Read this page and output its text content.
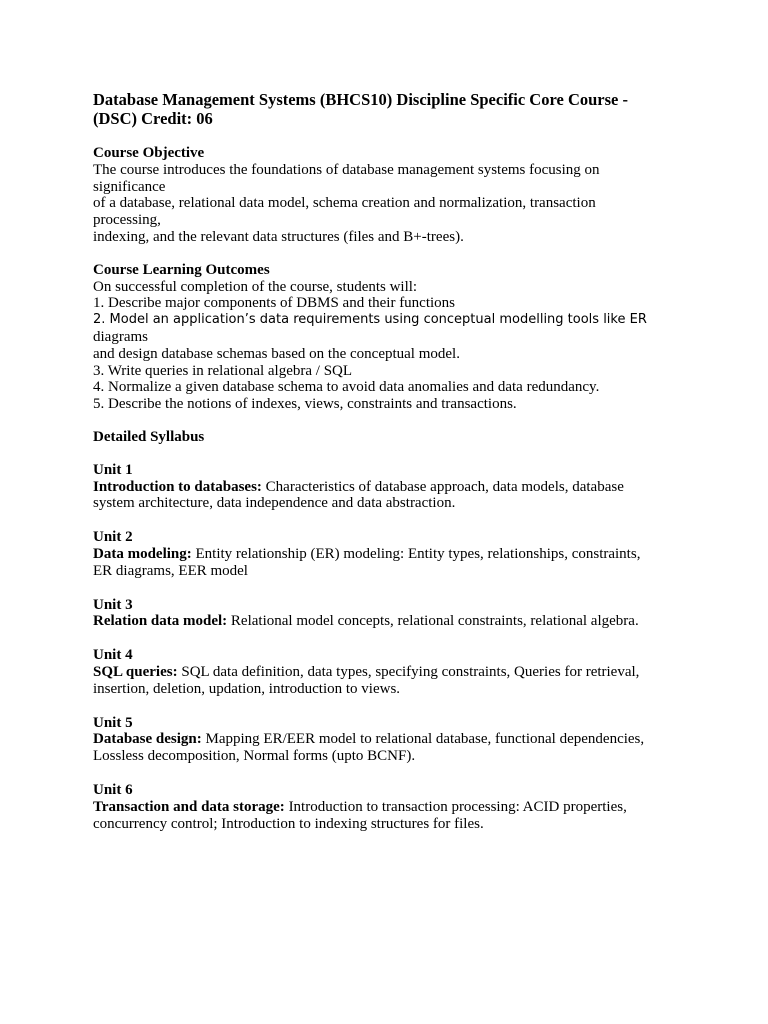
Database Management Systems (BHCS10) Discipline Specific Core Course -
(DSC) Credit: 06
Course Objective
The course introduces the foundations of database management systems focusing on
significance
of a database, relational data model, schema creation and normalization, transaction
processing,
indexing, and the relevant data structures (files and B+-trees).
Course Learning Outcomes
On successful completion of the course, students will:
1. Describe major components of DBMS and their functions
2. Model an application’s data requirements using conceptual modelling tools like ER
diagrams
and design database schemas based on the conceptual model.
3. Write queries in relational algebra / SQL
4. Normalize a given database schema to avoid data anomalies and data redundancy.
5. Describe the notions of indexes, views, constraints and transactions.
Detailed Syllabus
Unit 1
Introduction to databases: Characteristics of database approach, data models, database
system architecture, data independence and data abstraction.
Unit 2
Data modeling: Entity relationship (ER) modeling: Entity types, relationships, constraints,
ER diagrams, EER model
Unit 3
Relation data model: Relational model concepts, relational constraints, relational algebra.
Unit 4
SQL queries: SQL data definition, data types, specifying constraints, Queries for retrieval,
insertion, deletion, updation, introduction to views.
Unit 5
Database design: Mapping ER/EER model to relational database, functional dependencies,
Lossless decomposition, Normal forms (upto BCNF).
Unit 6
Transaction and data storage: Introduction to transaction processing: ACID properties,
concurrency control; Introduction to indexing structures for files.
